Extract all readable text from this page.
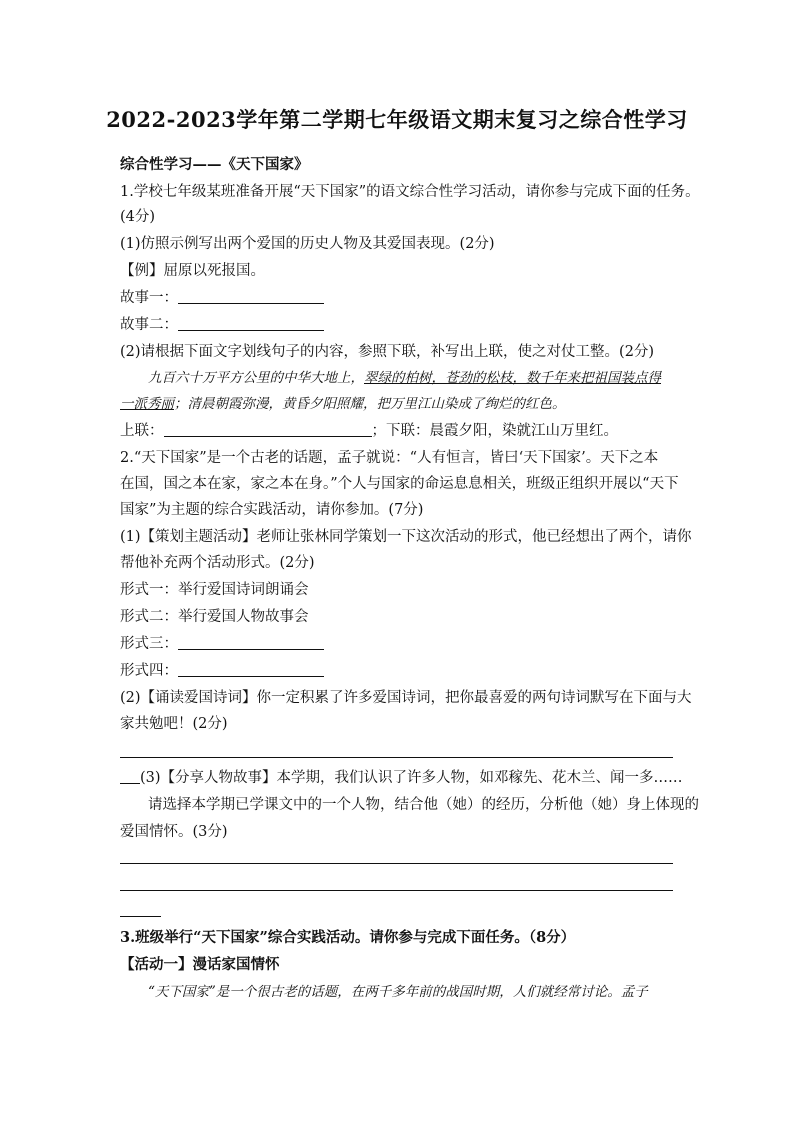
2022-2023学年第二学期七年级语文期末复习之综合性学习
综合性学习——《天下国家》
1.学校七年级某班准备开展“天下国家”的语文综合性学习活动，请你参与完成下面的任务。
(4分)
(1)仿照示例写出两个爱国的历史人物及其爱国表现。(2分)
【例】屈原以死报国。
故事一：
故事二：
(2)请根据下面文字划线句子的内容，参照下联，补写出上联，使之对仗工整。(2分)
九百六十万平方公里的中华大地上，翠绿的柏树，苍劲的松枝，数千年来把祖国装点得
一派秀丽；清晨朝霞弥漫，黄昏夕阳照耀，把万里江山染成了绚烂的红色。
上联：	；下联：晨霞夕阳，染就江山万里红。
2.“天下国家”是一个古老的话题，孟子就说：“人有恒言，皆曰‘天下国家’。天下之本
在国，国之本在家，家之本在身。”个人与国家的命运息息相关，班级正组织开展以“天下
国家”为主题的综合实践活动，请你参加。(7分)
(1)【策划主题活动】老师让张林同学策划一下这次活动的形式，他已经想出了两个，请你
帮他补充两个活动形式。(2分)
形式一：举行爱国诗词朗诵会
形式二：举行爱国人物故事会
形式三：
形式四：
(2)【诵读爱国诗词】你一定积累了许多爱国诗词，把你最喜爱的两句诗词默写在下面与大
家共勉吧！(2分)
(3)【分享人物故事】本学期，我们认识了许多人物，如邓稼先、花木兰、闻一多……
请选择本学期已学课文中的一个人物，结合他（她）的经历，分析他（她）身上体现的
爱国情怀。(3分)
3.班级举行“天下国家”综合实践活动。请你参与完成下面任务。（8分）
【活动一】漫话家国情怀
“天下国家”是一个很古老的话题，在两千多年前的战国时期，人们就经常讨论。孟子
